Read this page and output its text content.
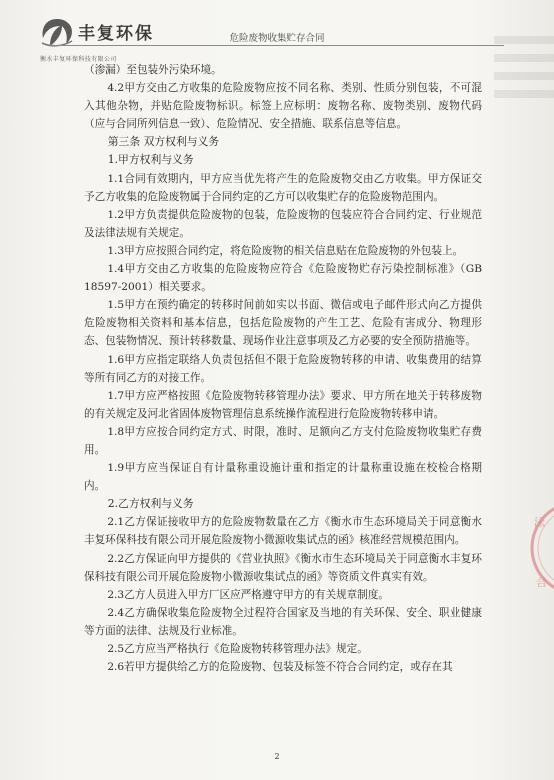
丰复环保
衡水丰复环保科技有限公司
危险废物收集贮存合同

（渗漏）至包装外污染环境。

4.2甲方交由乙方收集的危险废物应按不同名称、类别、性质分别包装，不可混入其他杂物，并贴危险废物标识。标签上应标明：废物名称、废物类别、废物代码（应与合同所列信息一致）、危险情况、安全措施、联系信息等信息。

第三条 双方权利与义务

1.甲方权利与义务

1.1合同有效期内，甲方应当优先将产生的危险废物交由乙方收集。甲方保证交予乙方收集的危险废物属于合同约定的乙方可以收集贮存的危险废物范围内。

1.2甲方负责提供危险废物的包装，危险废物的包装应符合合同约定、行业规范及法律法规有关规定。

1.3甲方应按照合同约定，将危险废物的相关信息贴在危险废物的外包装上。

1.4甲方交由乙方收集的危险废物应符合《危险废物贮存污染控制标准》（GB 18597-2001）相关要求。

1.5甲方在预约确定的转移时间前如实以书面、微信或电子邮件形式向乙方提供危险废物相关资料和基本信息，包括危险废物的产生工艺、危险有害成分、物理形态、包装物情况、预计转移数量、现场作业注意事项及乙方必要的安全预防措施等。

1.6甲方应指定联络人负责包括但不限于危险废物转移的申请、收集费用的结算等所有同乙方的对接工作。

1.7甲方应严格按照《危险废物转移管理办法》要求、甲方所在地关于转移废物的有关规定及河北省固体废物管理信息系统操作流程进行危险废物转移申请。

1.8甲方应按合同约定方式、时限，准时、足额向乙方支付危险废物收集贮存费用。

1.9甲方应当保证自有计量称重设施计重和指定的计量称重设施在校检合格期内。

2.乙方权利与义务

2.1乙方保证接收甲方的危险废物数量在乙方《衡水市生态环境局关于同意衡水丰复环保科技有限公司开展危险废物小微源收集试点的函》核准经营规模范围内。

2.2乙方保证向甲方提供的《营业执照》《衡水市生态环境局关于同意衡水丰复环保科技有限公司开展危险废物小微源收集试点的函》等资质文件真实有效。

2.3乙方人员进入甲方厂区应严格遵守甲方的有关规章制度。

2.4乙方确保收集危险废物全过程符合国家及当地的有关环保、安全、职业健康等方面的法律、法规及行业标准。

2.5乙方应当严格执行《危险废物转移管理办法》规定。

2.6若甲方提供给乙方的危险废物、包装及标签不符合合同约定，或存在其

泳
合
2
